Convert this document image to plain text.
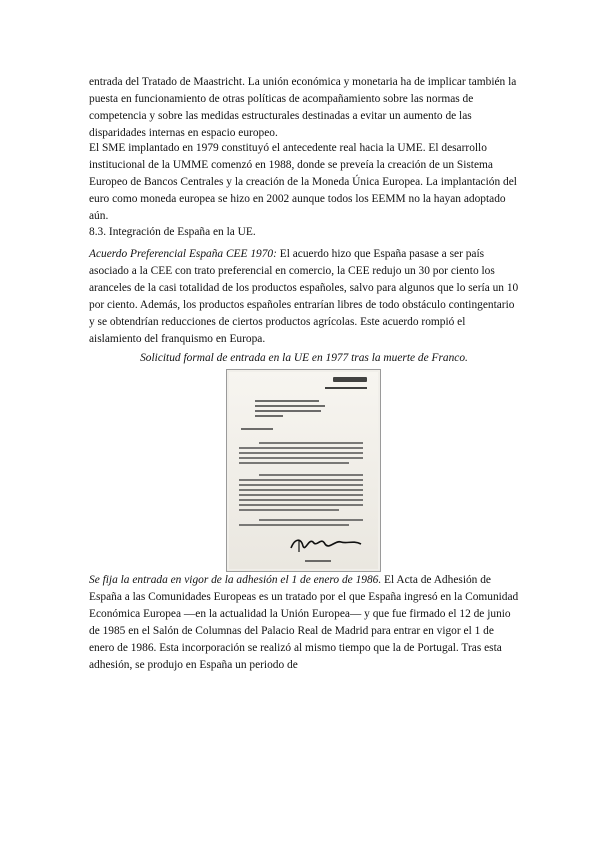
entrada del Tratado de Maastricht. La unión económica y monetaria ha de implicar también la puesta en funcionamiento de otras políticas de acompañamiento sobre las normas de competencia y sobre las medidas estructurales destinadas a evitar un aumento de las disparidades internas en espacio europeo.

El SME implantado en 1979 constituyó el antecedente real hacia la UME. El desarrollo institucional de la UMME comenzó en 1988, donde se preveía la creación de un Sistema Europeo de Bancos Centrales y la creación de la Moneda Única Europea. La implantación del euro como moneda europea se hizo en 2002 aunque todos los EEMM no la hayan adoptado aún.

8.3. Integración de España en la UE.

Acuerdo Preferencial España CEE 1970: El acuerdo hizo que España pasase a ser país asociado a la CEE con trato preferencial en comercio, la CEE redujo un 30 por ciento los aranceles de la casi totalidad de los productos españoles, salvo para algunos que lo sería un 10 por ciento. Además, los productos españoles entrarían libres de todo obstáculo contingentario y se obtendrían reducciones de ciertos productos agrícolas. Este acuerdo rompió el aislamiento del franquismo en Europa.

Solicitud formal de entrada en la UE en 1977 tras la muerte de Franco.

Se fija la entrada en vigor de la adhesión el 1 de enero de 1986. El Acta de Adhesión de España a las Comunidades Europeas es un tratado por el que España ingresó en la Comunidad Económica Europea —en la actualidad la Unión Europea— y que fue firmado el 12 de junio de 1985 en el Salón de Columnas del Palacio Real de Madrid para entrar en vigor el 1 de enero de 1986. Esta incorporación se realizó al mismo tiempo que la de Portugal. Tras esta adhesión, se produjo en España un periodo de
